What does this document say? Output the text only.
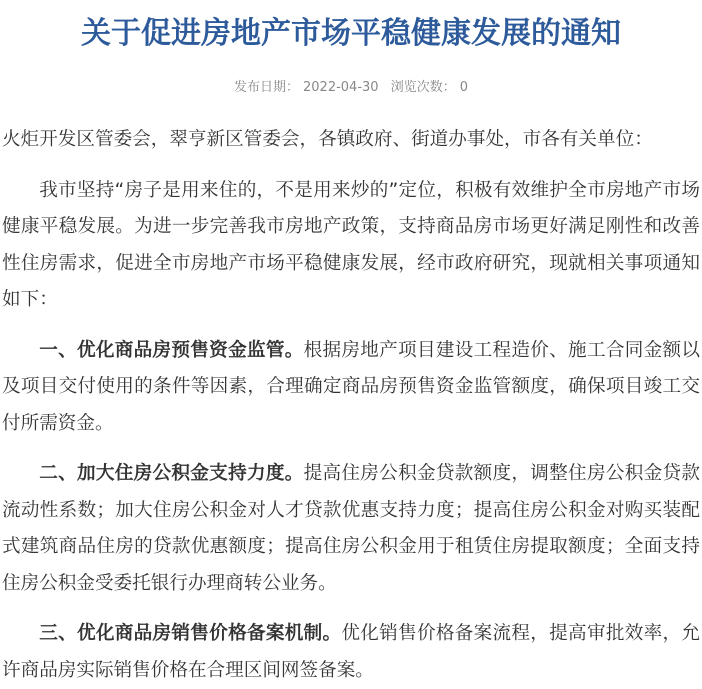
关于促进房地产市场平稳健康发展的通知
发布日期： 2022-04-30 浏览次数： 0

火炬开发区管委会，翠亨新区管委会，各镇政府、街道办事处，市各有关单位：

我市坚持“房子是用来住的，不是用来炒的”定位，积极有效维护全市房地产市场健康平稳发展。为进一步完善我市房地产政策，支持商品房市场更好满足刚性和改善性住房需求，促进全市房地产市场平稳健康发展，经市政府研究，现就相关事项通知如下：

一、优化商品房预售资金监管。根据房地产项目建设工程造价、施工合同金额以及项目交付使用的条件等因素，合理确定商品房预售资金监管额度，确保项目竣工交付所需资金。

二、加大住房公积金支持力度。提高住房公积金贷款额度，调整住房公积金贷款流动性系数；加大住房公积金对人才贷款优惠支持力度；提高住房公积金对购买装配式建筑商品住房的贷款优惠额度；提高住房公积金用于租赁住房提取额度；全面支持住房公积金受委托银行办理商转公业务。

三、优化商品房销售价格备案机制。优化销售价格备案流程，提高审批效率，允许商品房实际销售价格在合理区间网签备案。
